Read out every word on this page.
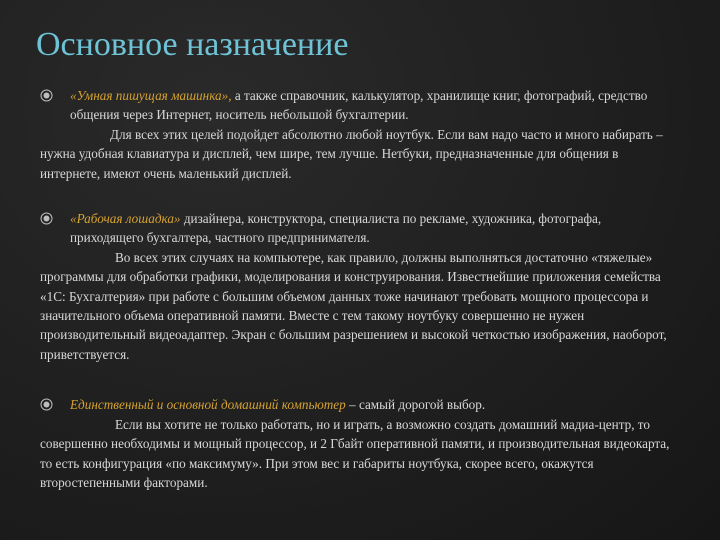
Основное назначение
«Умная пишущая машинка», а также справочник, калькулятор, хранилище книг, фотографий, средство общения через Интернет, носитель небольшой бухгалтерии.
Для всех этих целей подойдет абсолютно любой ноутбук. Если вам надо часто и много набирать – нужна удобная клавиатура и дисплей, чем шире, тем лучше. Нетбуки, предназначенные для общения в интернете, имеют очень маленький дисплей.
«Рабочая лошадка» дизайнера, конструктора, специалиста по рекламе, художника, фотографа, приходящего бухгалтера, частного предпринимателя.
Во всех этих случаях на компьютере, как правило, должны выполняться достаточно «тяжелые» программы для обработки графики, моделирования и конструирования. Известнейшие приложения семейства «1С: Бухгалтерия» при работе с большим объемом данных тоже начинают требовать мощного процессора и значительного объема оперативной памяти. Вместе с тем такому ноутбуку совершенно не нужен производительный видеоадаптер. Экран с большим разрешением и высокой четкостью изображения, наоборот, приветствуется.
Единственный и основной домашний компьютер – самый дорогой выбор.
Если вы хотите не только работать, но и играть, а возможно создать домашний мадиа-центр, то совершенно необходимы и мощный процессор, и 2 Гбайт оперативной памяти, и производительная видеокарта, то есть конфигурация «по максимуму». При этом вес и габариты ноутбука, скорее всего, окажутся второстепенными факторами.
